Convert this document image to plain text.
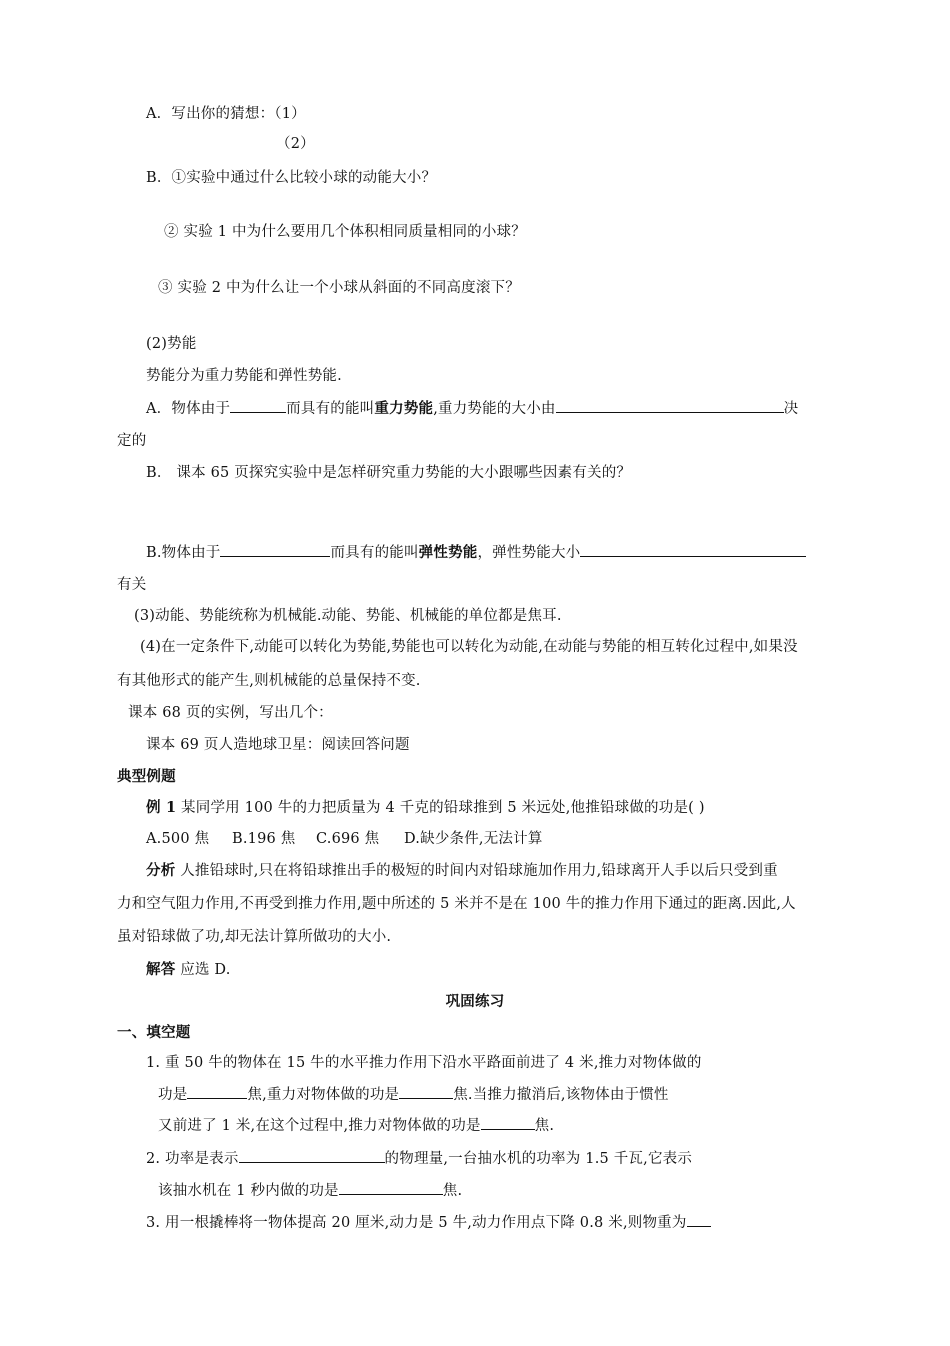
A．写出你的猜想：（1）

（2）

B．①实验中通过什么比较小球的动能大小？

② 实验 1 中为什么要用几个体积相同质量相同的小球？

③ 实验 2 中为什么让一个小球从斜面的不同高度滚下？

(2)势能

势能分为重力势能和弹性势能.

A．物体由于	而具有的能叫重力势能,重力势能的大小由	决

定的

B． 课本 65 页探究实验中是怎样研究重力势能的大小跟哪些因素有关的？

B.物体由于	而具有的能叫弹性势能，弹性势能大小

有关

(3)动能、势能统称为机械能.动能、势能、机械能的单位都是焦耳.

(4)在一定条件下,动能可以转化为势能,势能也可以转化为动能,在动能与势能的相互转化过程中,如果没

有其他形式的能产生,则机械能的总量保持不变.

课本 68 页的实例，写出几个：

课本 69 页人造地球卫星：阅读回答问题

典型例题

例 1 某同学用 100 牛的力把质量为 4 千克的铅球推到 5 米远处,他推铅球做的功是( )

A.500 焦 B.196 焦 C.696 焦 D.缺少条件,无法计算

分析 人推铅球时,只在将铅球推出手的极短的时间内对铅球施加作用力,铅球离开人手以后只受到重

力和空气阻力作用,不再受到推力作用,题中所述的 5 米并不是在 100 牛的推力作用下通过的距离.因此,人

虽对铅球做了功,却无法计算所做功的大小.

解答 应选 D.

巩固练习

一、填空题

1. 重 50 牛的物体在 15 牛的水平推力作用下沿水平路面前进了 4 米,推力对物体做的

功是	焦,重力对物体做的功是	焦.当推力撤消后,该物体由于惯性

又前进了 1 米,在这个过程中,推力对物体做的功是	焦.

2. 功率是表示	的物理量,一台抽水机的功率为 1.5 千瓦,它表示

该抽水机在 1 秒内做的功是	焦.

3. 用一根撬棒将一物体提高 20 厘米,动力是 5 牛,动力作用点下降 0.8 米,则物重为
